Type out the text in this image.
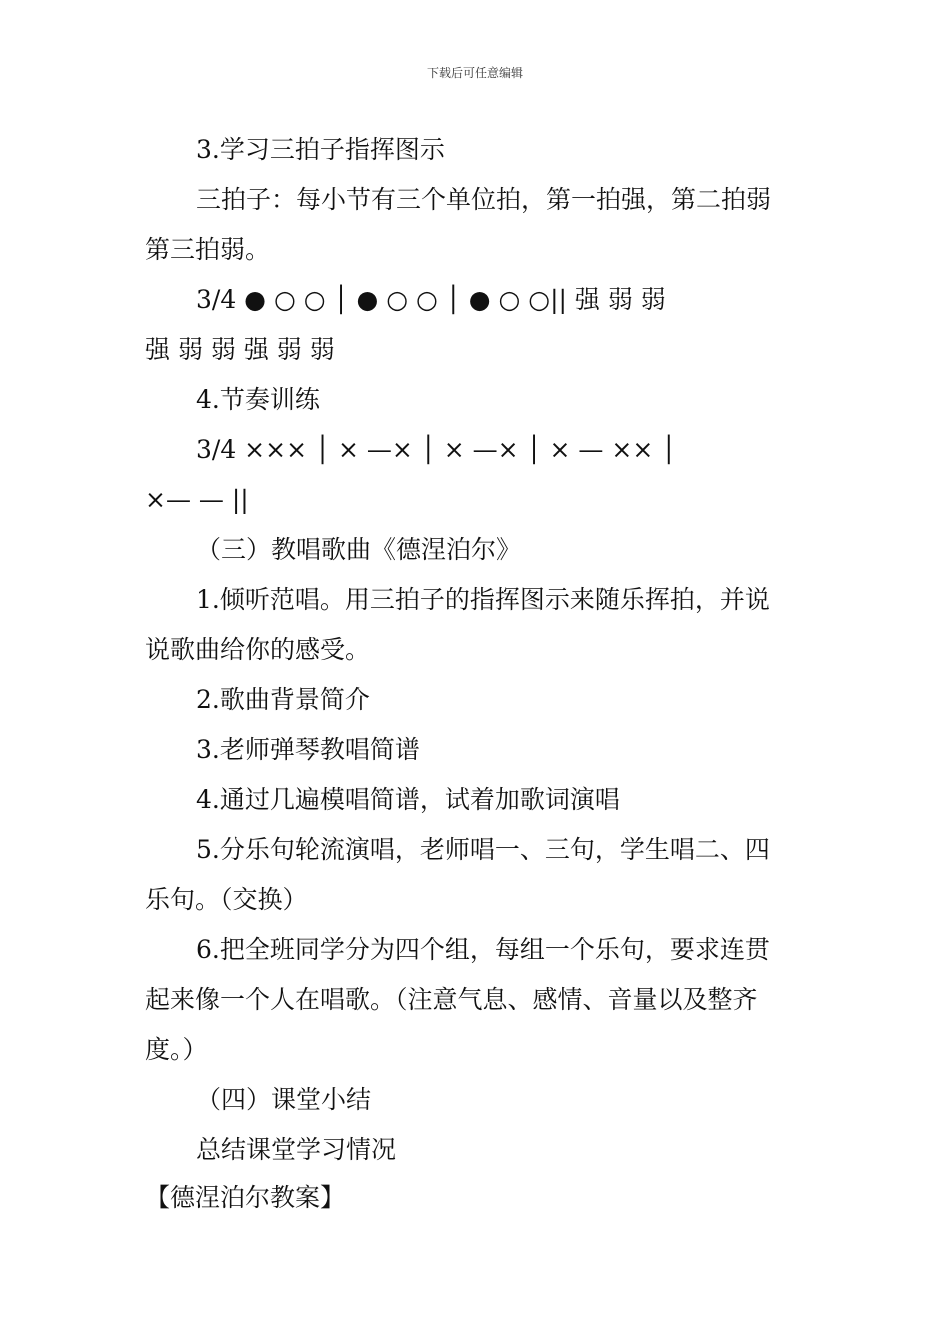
下载后可任意编辑
3.学习三拍子指挥图示
三拍子：每小节有三个单位拍，第一拍强，第二拍弱
第三拍弱。
3/4 ● ○ ○ │ ● ○ ○ │ ● ○ ○|| 强 弱 弱
强 弱 弱 强 弱 弱
4.节奏训练
3/4 ××× │ × —× │ × —× │ × — ×× │
×— — ||
（三）教唱歌曲《德涅泊尔》
1.倾听范唱。用三拍子的指挥图示来随乐挥拍，并说
说歌曲给你的感受。
2.歌曲背景简介
3.老师弹琴教唱简谱
4.通过几遍模唱简谱，试着加歌词演唱
5.分乐句轮流演唱，老师唱一、三句，学生唱二、四
乐句。（交换）
6.把全班同学分为四个组，每组一个乐句，要求连贯
起来像一个人在唱歌。（注意气息、感情、音量以及整齐
度。）
（四）课堂小结
总结课堂学习情况
【德涅泊尔教案】
